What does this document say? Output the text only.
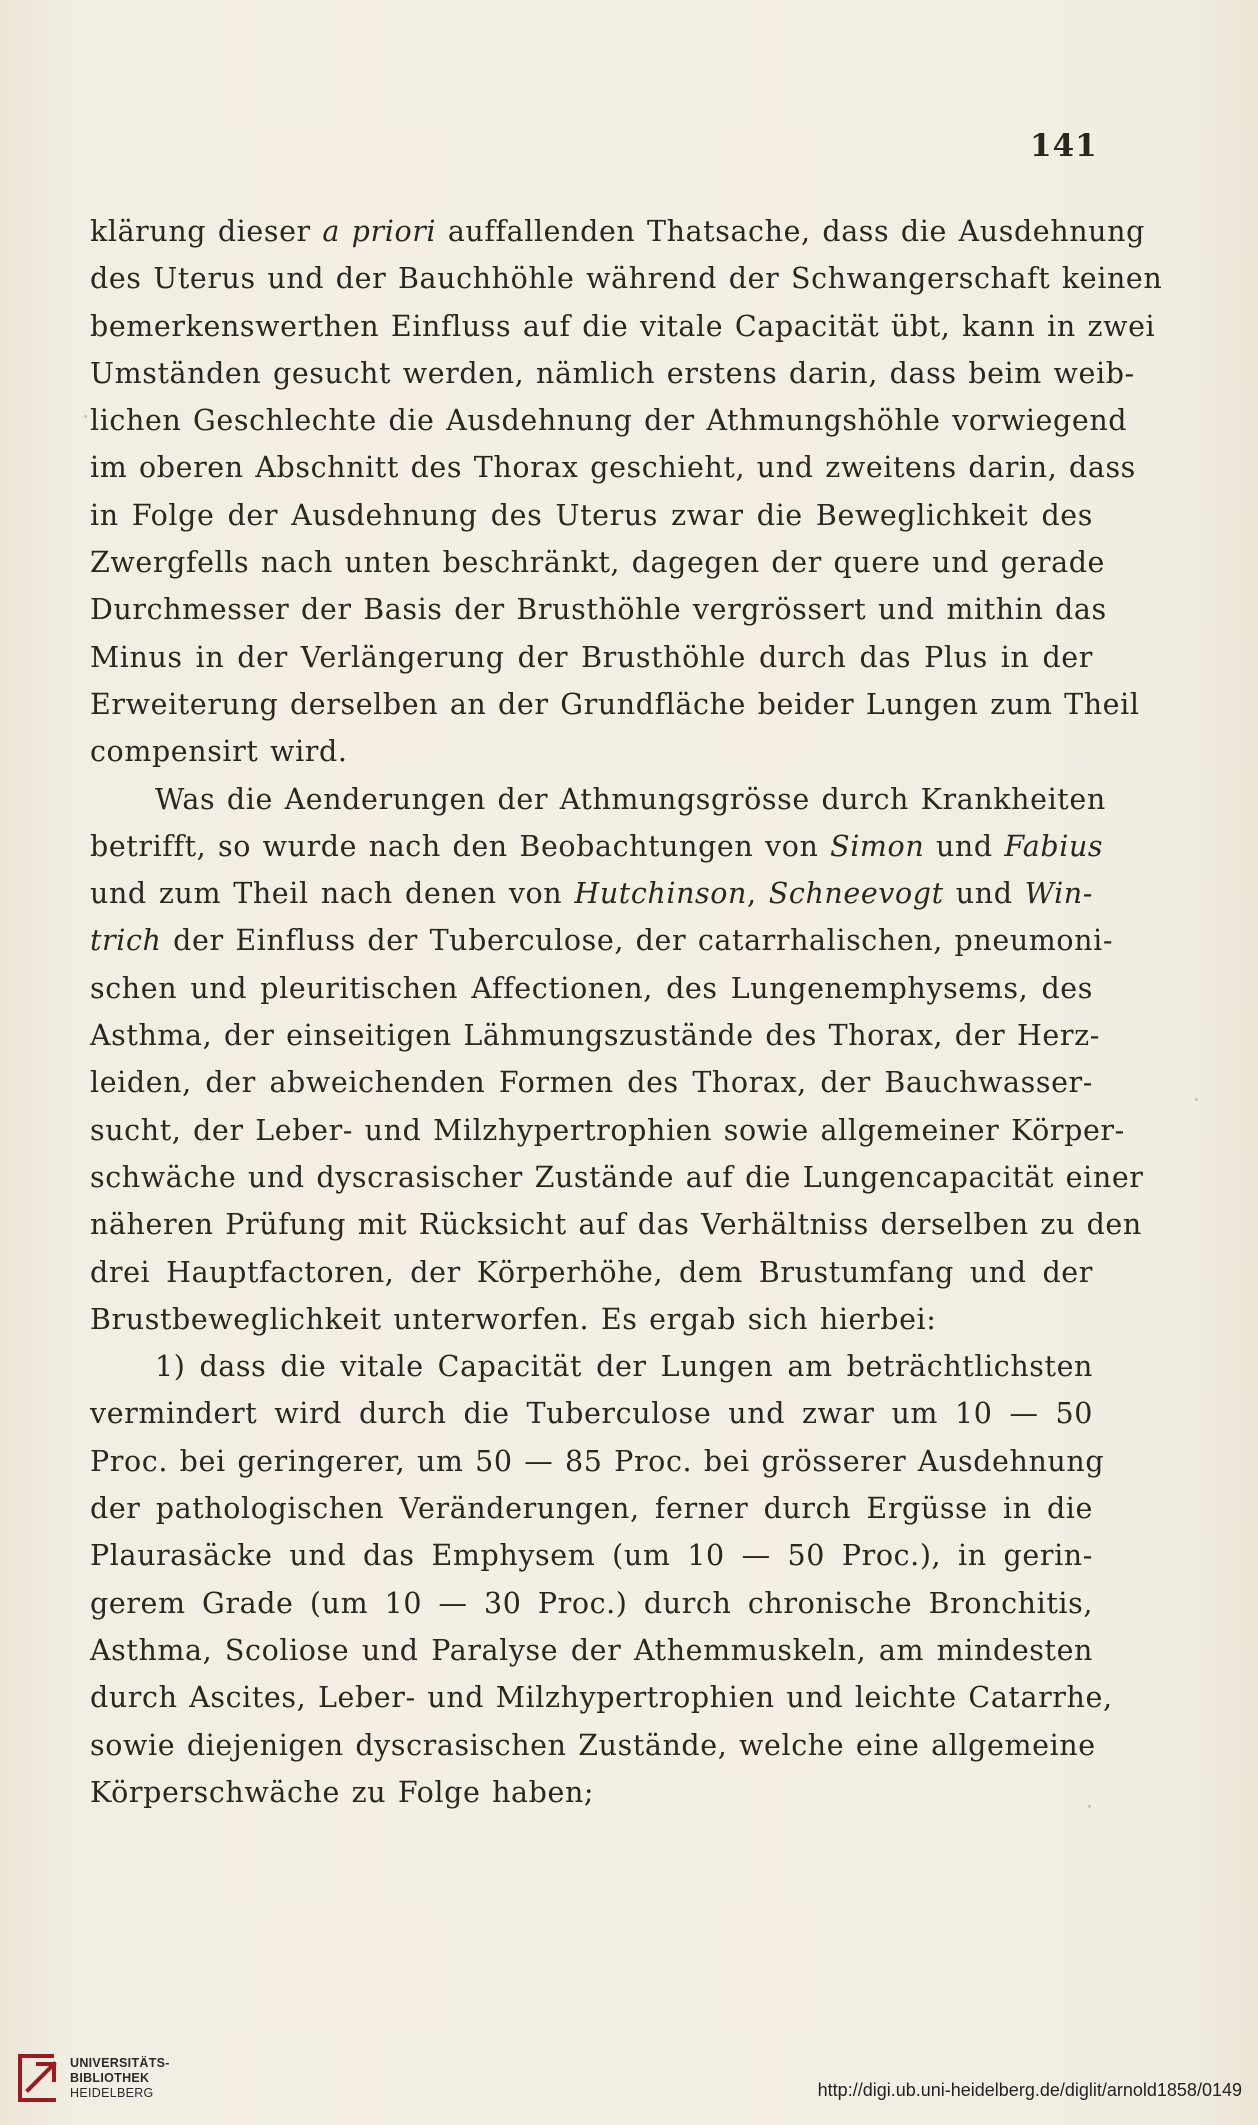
141
klärung dieser a priori auffallenden Thatsache, dass die Ausdehnung
des Uterus und der Bauchhöhle während der Schwangerschaft keinen
bemerkenswerthen Einfluss auf die vitale Capacität übt, kann in zwei
Umständen gesucht werden, nämlich erstens darin, dass beim weib-
lichen Geschlechte die Ausdehnung der Athmungshöhle vorwiegend
im oberen Abschnitt des Thorax geschieht, und zweitens darin, dass
in Folge der Ausdehnung des Uterus zwar die Beweglichkeit des
Zwergfells nach unten beschränkt, dagegen der quere und gerade
Durchmesser der Basis der Brusthöhle vergrössert und mithin das
Minus in der Verlängerung der Brusthöhle durch das Plus in der
Erweiterung derselben an der Grundfläche beider Lungen zum Theil
compensirt wird.
Was die Aenderungen der Athmungsgrösse durch Krankheiten
betrifft, so wurde nach den Beobachtungen von Simon und Fabius
und zum Theil nach denen von Hutchinson, Schneevogt und Win-
trich der Einfluss der Tuberculose, der catarrhalischen, pneumoni-
schen und pleuritischen Affectionen, des Lungenemphysems, des
Asthma, der einseitigen Lähmungszustände des Thorax, der Herz-
leiden, der abweichenden Formen des Thorax, der Bauchwasser-
sucht, der Leber- und Milzhypertrophien sowie allgemeiner Körper-
schwäche und dyscrasischer Zustände auf die Lungencapacität einer
näheren Prüfung mit Rücksicht auf das Verhältniss derselben zu den
drei Hauptfactoren, der Körperhöhe, dem Brustumfang und der
Brustbeweglichkeit unterworfen. Es ergab sich hierbei:
1) dass die vitale Capacität der Lungen am beträchtlichsten
vermindert wird durch die Tuberculose und zwar um 10 — 50
Proc. bei geringerer, um 50 — 85 Proc. bei grösserer Ausdehnung
der pathologischen Veränderungen, ferner durch Ergüsse in die
Plaurasäcke und das Emphysem (um 10 — 50 Proc.), in gerin-
gerem Grade (um 10 — 30 Proc.) durch chronische Bronchitis,
Asthma, Scoliose und Paralyse der Athemmuskeln, am mindesten
durch Ascites, Leber- und Milzhypertrophien und leichte Catarrhe,
sowie diejenigen dyscrasischen Zustände, welche eine allgemeine
Körperschwäche zu Folge haben;
UNIVERSITÄTS-
BIBLIOTHEK
HEIDELBERG	http://digi.ub.uni-heidelberg.de/diglit/arnold1858/0149
